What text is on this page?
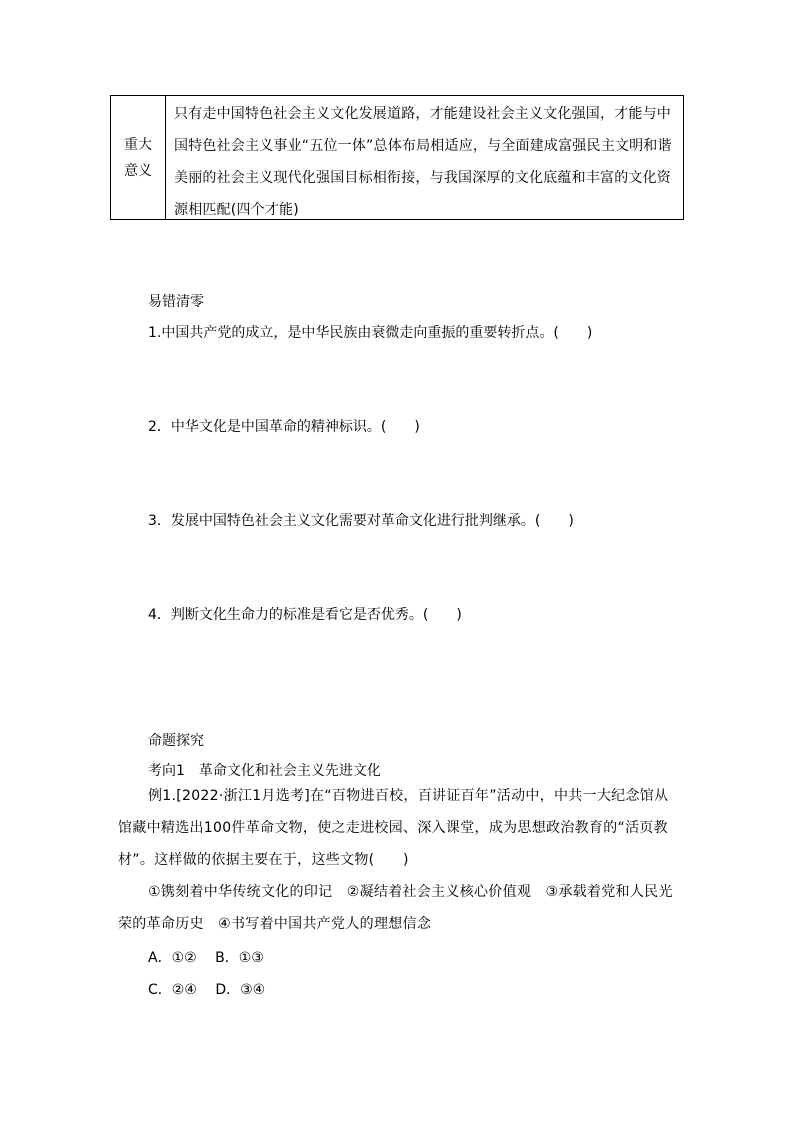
重大
意义
只有走中国特色社会主义文化发展道路，才能建设社会主义文化强国，才能与中国特色社会主义事业“五位一体”总体布局相适应，与全面建成富强民主文明和谐美丽的社会主义现代化强国目标相衔接，与我国深厚的文化底蕴和丰富的文化资源相匹配(四个才能)
易错清零
1.中国共产党的成立，是中华民族由衰微走向重振的重要转折点。(　　)
2．中华文化是中国革命的精神标识。(　　)
3．发展中国特色社会主义文化需要对革命文化进行批判继承。(　　)
4．判断文化生命力的标准是看它是否优秀。(　　)
命题探究
考向1　革命文化和社会主义先进文化
例1.[2022·浙江1月选考]在“百物进百校，百讲证百年”活动中，中共一大纪念馆从馆藏中精选出100件革命文物，使之走进校园、深入课堂，成为思想政治教育的“活页教材”。这样做的依据主要在于，这些文物(　　)
①镌刻着中华传统文化的印记　②凝结着社会主义核心价值观　③承载着党和人民光荣的革命历史　④书写着中国共产党人的理想信念
A．①②　 B．①③
C．②④　 D．③④
